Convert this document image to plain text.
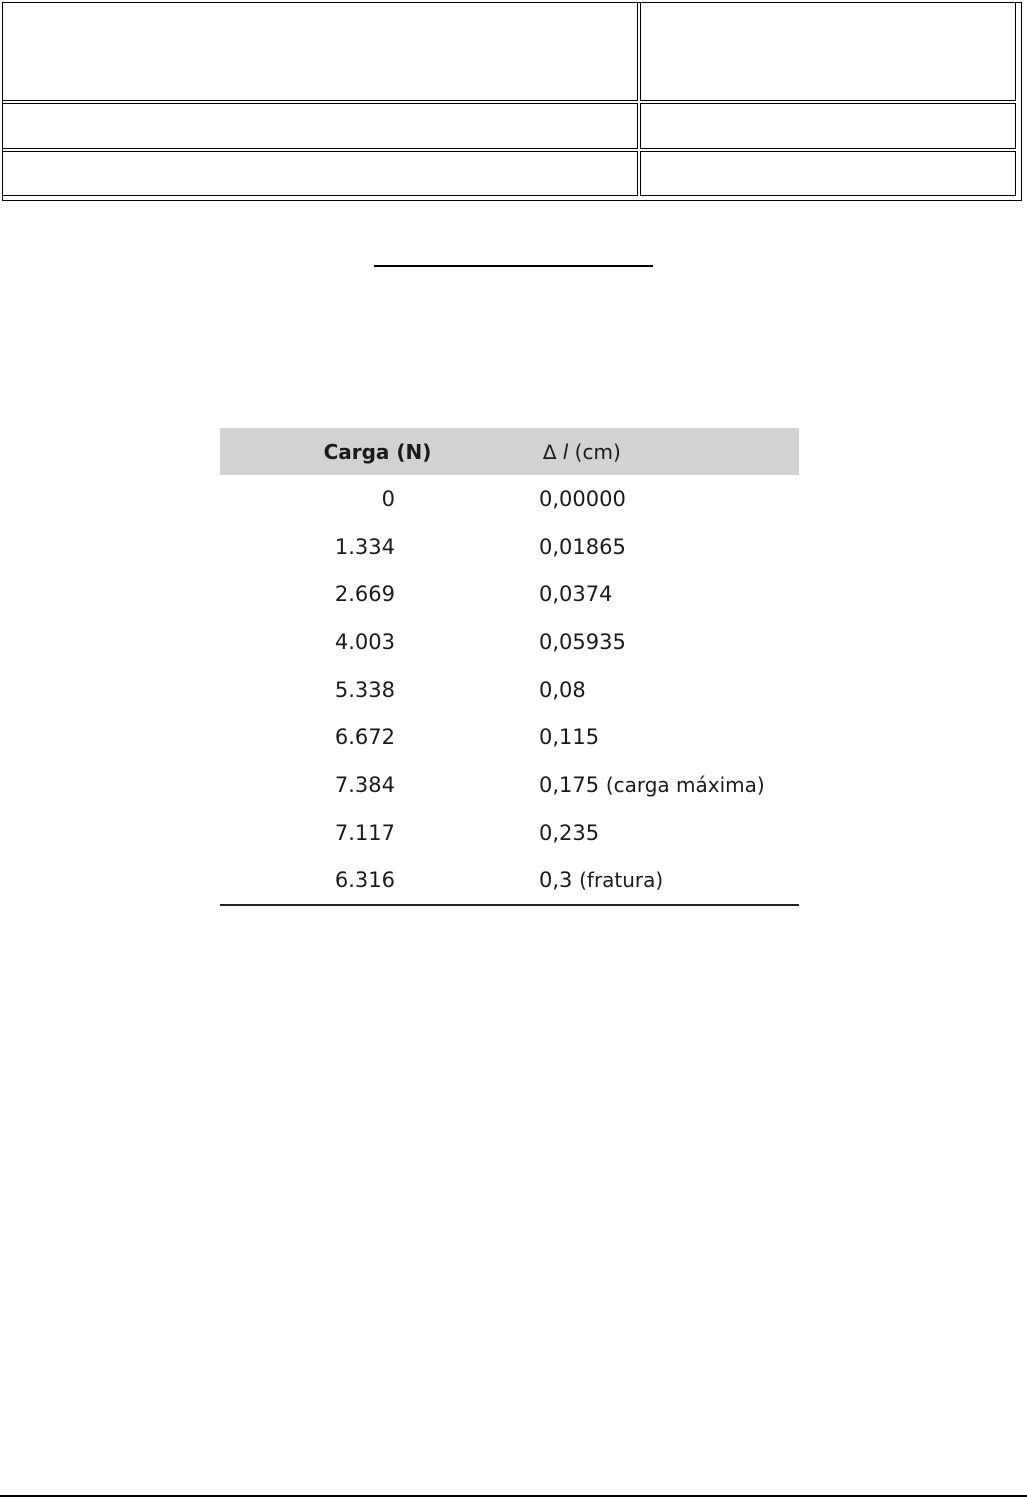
Carga (N)	∆ l (cm)
0	0,00000
1.334	0,01865
2.669	0,0374
4.003	0,05935
5.338	0,08
6.672	0,115
7.384	0,175 (carga máxima)
7.117	0,235
6.316	0,3 (fratura)
